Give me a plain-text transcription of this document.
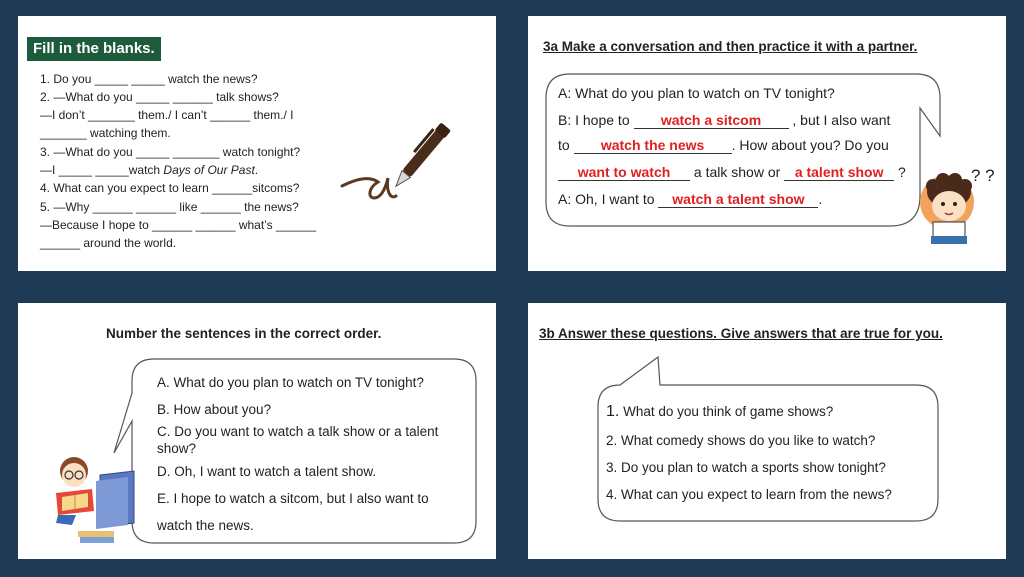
Fill in the blanks.
1. Do you _____ _____ watch the news?
2. —What do you _____ ______ talk shows?
—I don’t _______ them./ I can’t ______ them./ I
_______ watching them.
3. —What do you _____ _______ watch tonight?
—I _____ _____watch Days of Our Past.
4. What can you expect to learn ______sitcoms?
5. —Why ______ ______ like ______ the news?
—Because I hope to ______ ______ what’s ______
______ around the world.
3a Make a conversation and then practice it with a partner.
A: What do you plan to watch on TV tonight?
B: I hope to watch a sitcom , but I also want
to watch the news . How about you? Do you
want to watch a talk show or a talent show ?
A: Oh, I want to watch a talent show .
? ?
Number the sentences in the correct order.
A. What do you plan to watch on TV tonight?
B. How about you?
C. Do you want to watch a talk show or a talent
show?
D. Oh, I want to watch a talent show.
E. I hope to watch a sitcom, but I also want to
watch the news.
3b Answer these questions. Give answers that are true for you.
1. What do you think of game shows?
2. What comedy shows do you like to watch?
3. Do you plan to watch a sports show tonight?
4. What can you expect to learn from the news?
